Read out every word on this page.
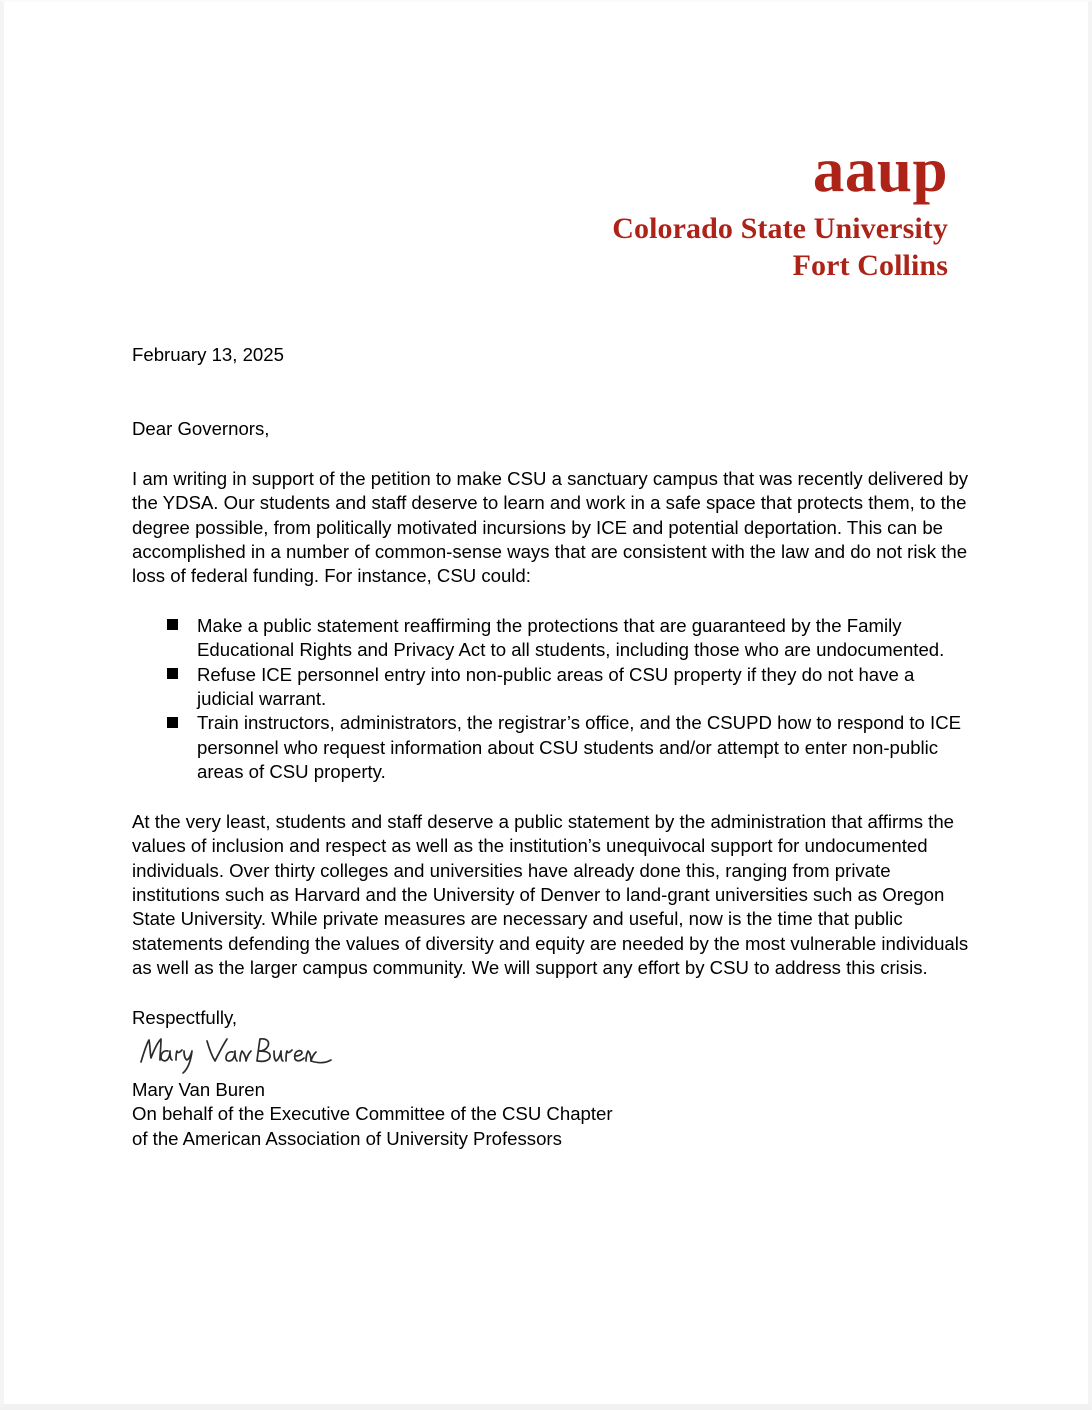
aaup
Colorado State University
Fort Collins

February 13, 2025

Dear Governors,

I am writing in support of the petition to make CSU a sanctuary campus that was recently delivered by the YDSA. Our students and staff deserve to learn and work in a safe space that protects them, to the degree possible, from politically motivated incursions by ICE and potential deportation. This can be accomplished in a number of common-sense ways that are consistent with the law and do not risk the loss of federal funding. For instance, CSU could:

Make a public statement reaffirming the protections that are guaranteed by the Family Educational Rights and Privacy Act to all students, including those who are undocumented.
Refuse ICE personnel entry into non-public areas of CSU property if they do not have a judicial warrant.
Train instructors, administrators, the registrar’s office, and the CSUPD how to respond to ICE personnel who request information about CSU students and/or attempt to enter non-public areas of CSU property.

At the very least, students and staff deserve a public statement by the administration that affirms the values of inclusion and respect as well as the institution’s unequivocal support for undocumented individuals. Over thirty colleges and universities have already done this, ranging from private institutions such as Harvard and the University of Denver to land-grant universities such as Oregon State University. While private measures are necessary and useful, now is the time that public statements defending the values of diversity and equity are needed by the most vulnerable individuals as well as the larger campus community. We will support any effort by CSU to address this crisis.

Respectfully,

Mary Van Buren
On behalf of the Executive Committee of the CSU Chapter
of the American Association of University Professors
